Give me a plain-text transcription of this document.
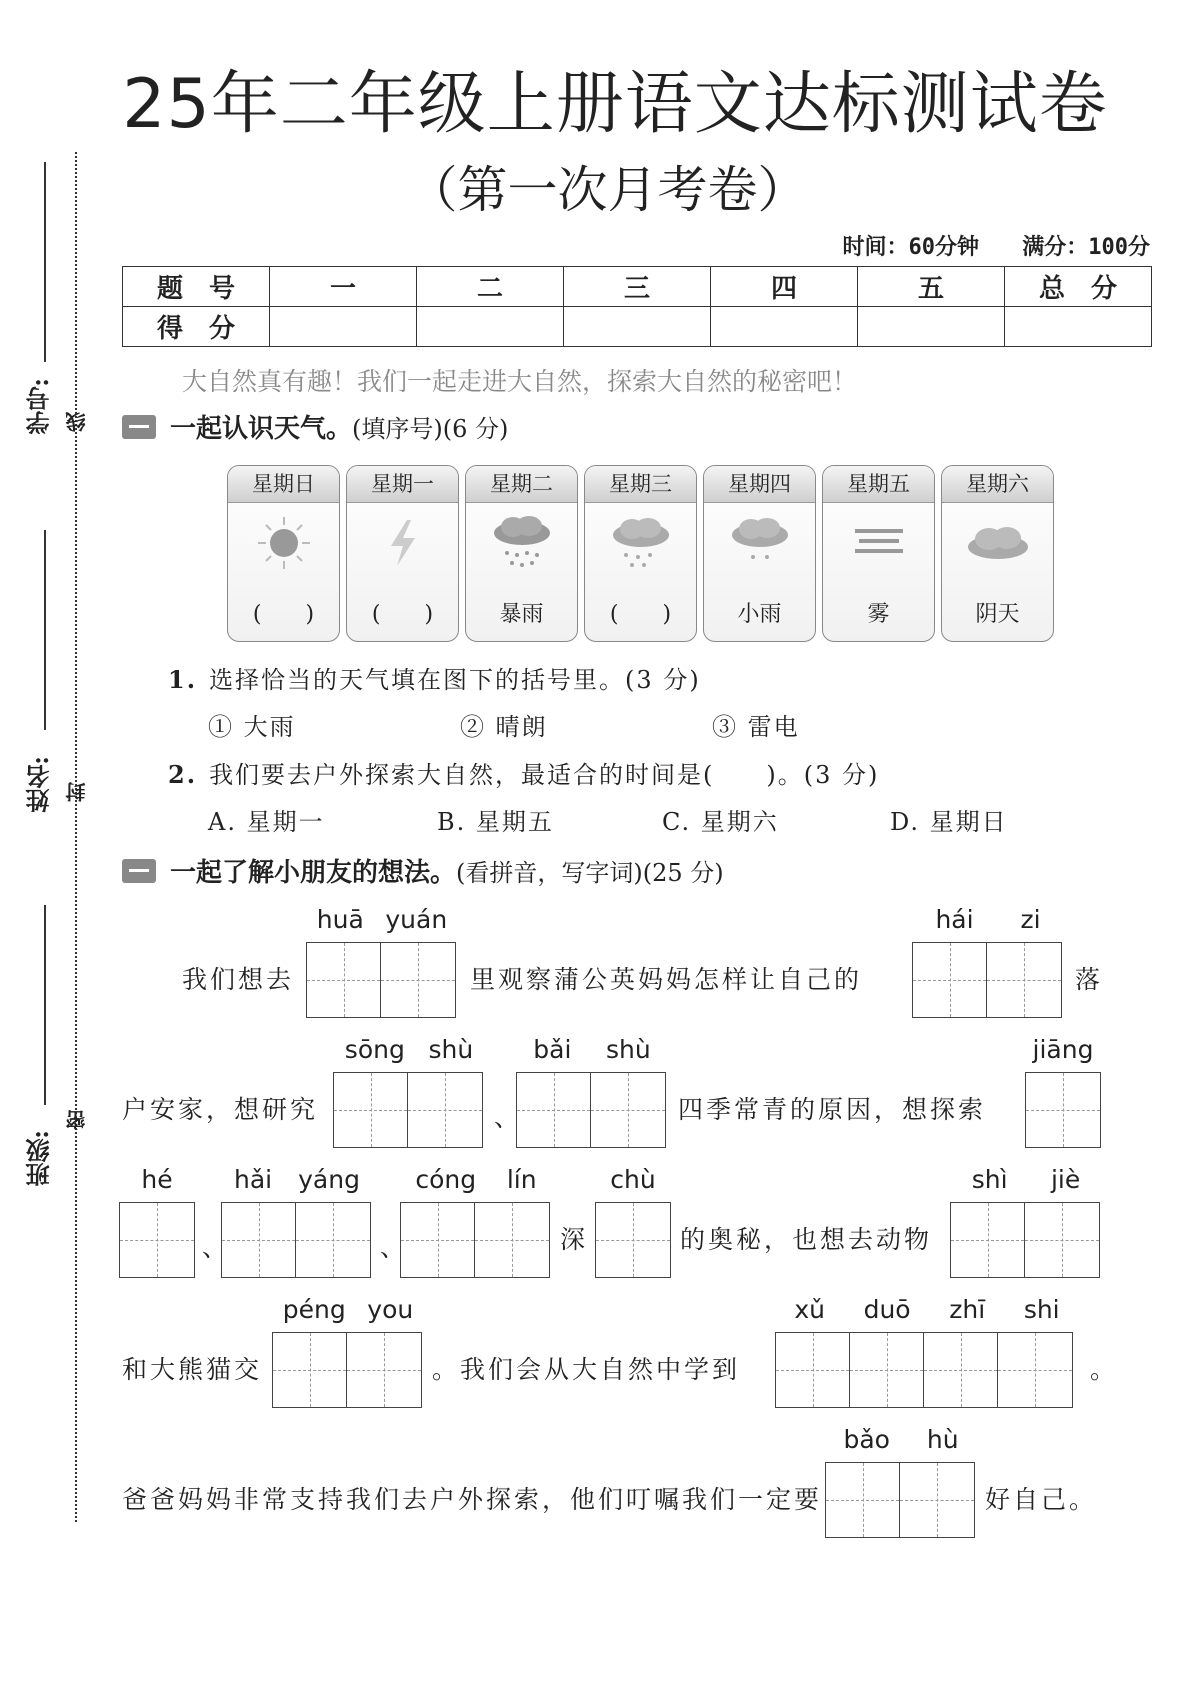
学号: 线
姓名: 封
班级:
密
25年二年级上册语文达标测试卷
（第一次月考卷）
时间：60分钟 满分：100分
题　号	一	二	三	四	五	总　分
得　分						
大自然真有趣！我们一起走进大自然，探索大自然的秘密吧！
一起认识天气。 (填序号)(6 分)
星期日
(　　)
星期一
(　　)
星期二
暴雨
星期三
(　　)
星期四
小雨
星期五
雾
星期六
阴天
1. 选择恰当的天气填在图下的括号里。(3 分)
① 大雨	② 晴朗	③ 雷电
2. 我们要去户外探索大自然，最适合的时间是(　　)。(3 分)
A. 星期一	B. 星期五	C. 星期六	D. 星期日
一起了解小朋友的想法。 (看拼音，写字词)(25 分)
我们想去
huā yuán
里观察蒲公英妈妈怎样让自己的
hái zi
落
户安家，想研究
sōng shù
、
bǎi shù
四季常青的原因，想探索
jiāng
hé
、
hǎi yáng
、
cóng lín
深
chù
的奥秘，也想去动物
shì jiè
和大熊猫交
péng you
。我们会从大自然中学到
xǔ duō zhī shi
。
爸爸妈妈非常支持我们去户外探索，他们叮嘱我们一定要
bǎo hù
好自己。
